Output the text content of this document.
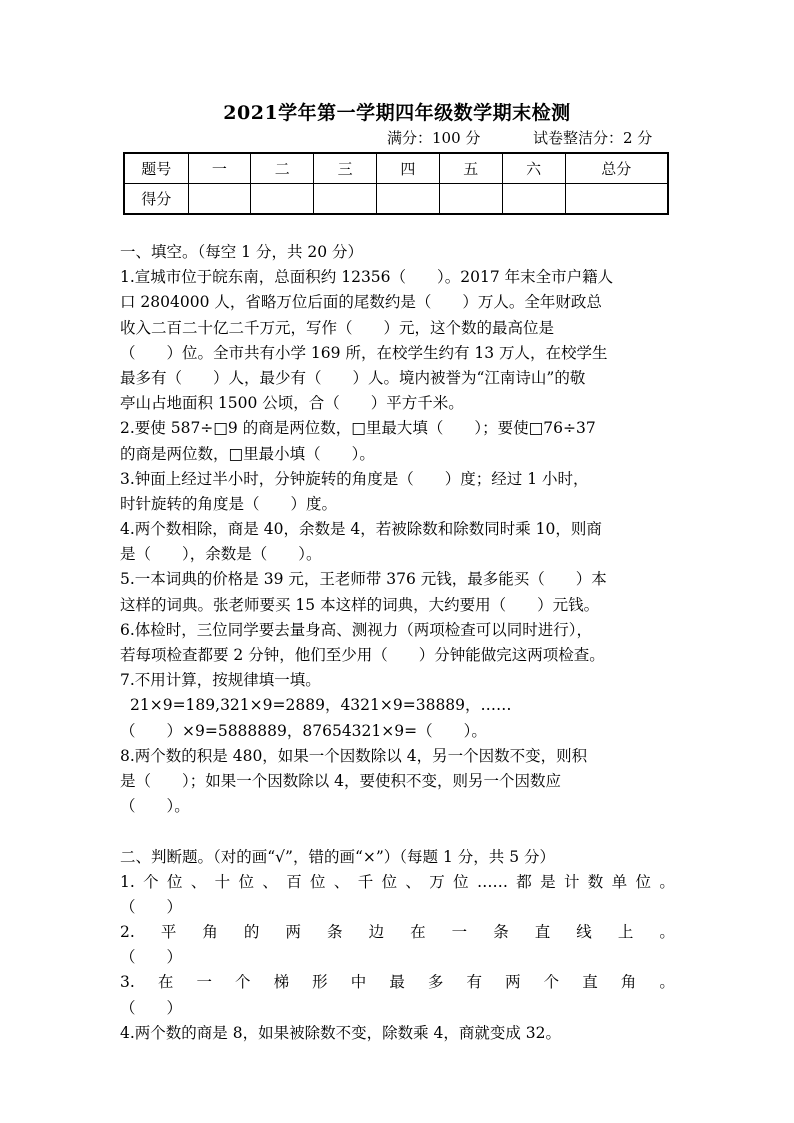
2021学年第一学期四年级数学期末检测
满分：100 分	试卷整洁分：2 分
题号	一	二	三	四	五	六	总分
得分							
一、填空。（每空 1 分，共 20 分）
1.宣城市位于皖东南，总面积约 12356（　　）。2017 年末全市户籍人
口 2804000 人，省略万位后面的尾数约是（　　）万人。全年财政总
收入二百二十亿二千万元，写作（　　）元，这个数的最高位是
（　　）位。全市共有小学 169 所，在校学生约有 13 万人，在校学生
最多有（　　）人，最少有（　　）人。境内被誉为“江南诗山”的敬
亭山占地面积 1500 公顷，合（　　）平方千米。
2.要使 587÷□9 的商是两位数，□里最大填（　　）；要使□76÷37
的商是两位数，□里最小填（　　）。
3.钟面上经过半小时，分钟旋转的角度是（　　）度；经过 1 小时，
时针旋转的角度是（　　）度。
4.两个数相除，商是 40，余数是 4，若被除数和除数同时乘 10，则商
是（　　），余数是（　　）。
5.一本词典的价格是 39 元，王老师带 376 元钱，最多能买（　　）本
这样的词典。张老师要买 15 本这样的词典，大约要用（　　）元钱。
6.体检时，三位同学要去量身高、测视力（两项检查可以同时进行），
若每项检查都要 2 分钟，他们至少用（　　）分钟能做完这两项检查。
7.不用计算，按规律填一填。
21×9=189,321×9=2889，4321×9=38889，……
（　　）×9=5888889，87654321×9=（　　）。
8.两个数的积是 480，如果一个因数除以 4，另一个因数不变，则积
是（　　）；如果一个因数除以 4，要使积不变，则另一个因数应
（　　）。
二、判断题。（对的画“√”，错的画“×”）（每题 1 分，共 5 分）
1. 个 位 、 十 位 、 百 位 、 千 位 、 万 位 …… 都 是 计 数 单 位 。
（　　）
2. 平 角 的 两 条 边 在 一 条 直 线 上 。
（　　）
3. 在 一 个 梯 形 中 最 多 有 两 个 直 角 。
（　　）
4.两个数的商是 8，如果被除数不变，除数乘 4，商就变成 32。
